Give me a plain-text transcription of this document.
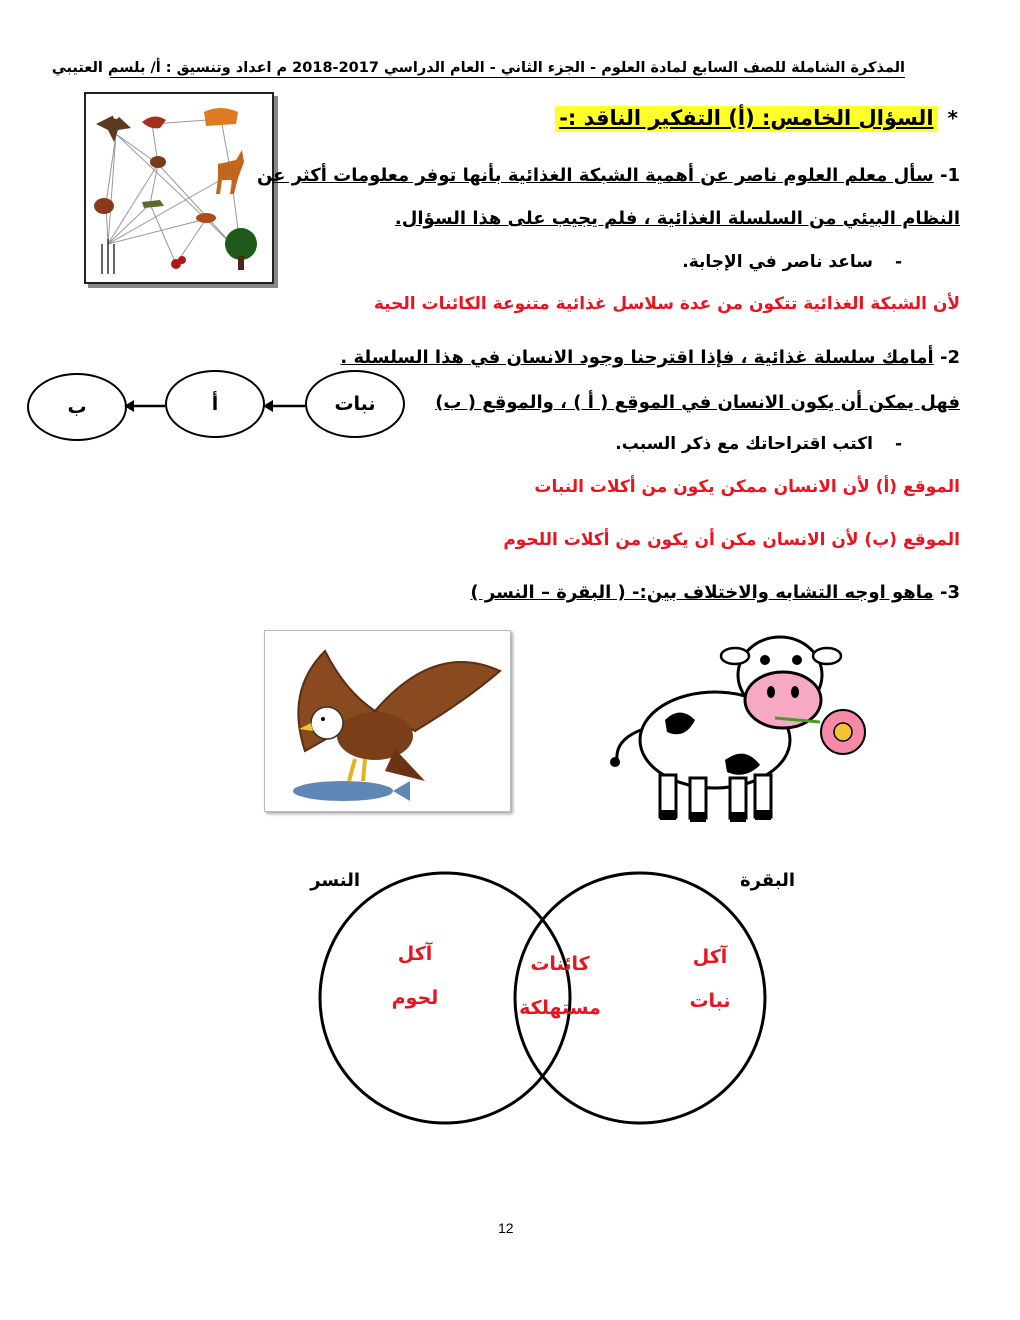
المذكرة الشاملة للصف السابع لمادة العلوم - الجزء الثاني - العام الدراسي 2017-2018 م اعداد وتنسيق : أ/ بلسم العتيبي
*السؤال الخامس: (أ) التفكير الناقد :-
1- سأل معلم العلوم ناصر عن أهمية الشبكة الغذائية بأنها توفر معلومات أكثر عن
النظام البيئي من السلسلة الغذائية ، فلم يجيب على هذا السؤال.
-ساعد ناصر في الإجابة.
لأن الشبكة الغذائية تتكون من عدة سلاسل غذائية متنوعة الكائنات الحية
2- أمامك سلسلة غذائية ، فإذا اقترحنا وجود الانسان في هذا السلسلة .
فهل يمكن أن يكون الانسان في الموقع ( أ ) ، والموقع ( ب)
-اكتب اقتراحاتك مع ذكر السبب.
الموقع (أ) لأن الانسان ممكن يكون من أكلات النبات
الموقع (ب) لأن الانسان مكن أن يكون من أكلات اللحوم
ب	أ	نبات
3- ماهو اوجه التشابه والاختلاف بين:- ( البقرة – النسر )
النسر	البقرة
آكل
لحوم
كائنات
مستهلكة
آكل
نبات
12
